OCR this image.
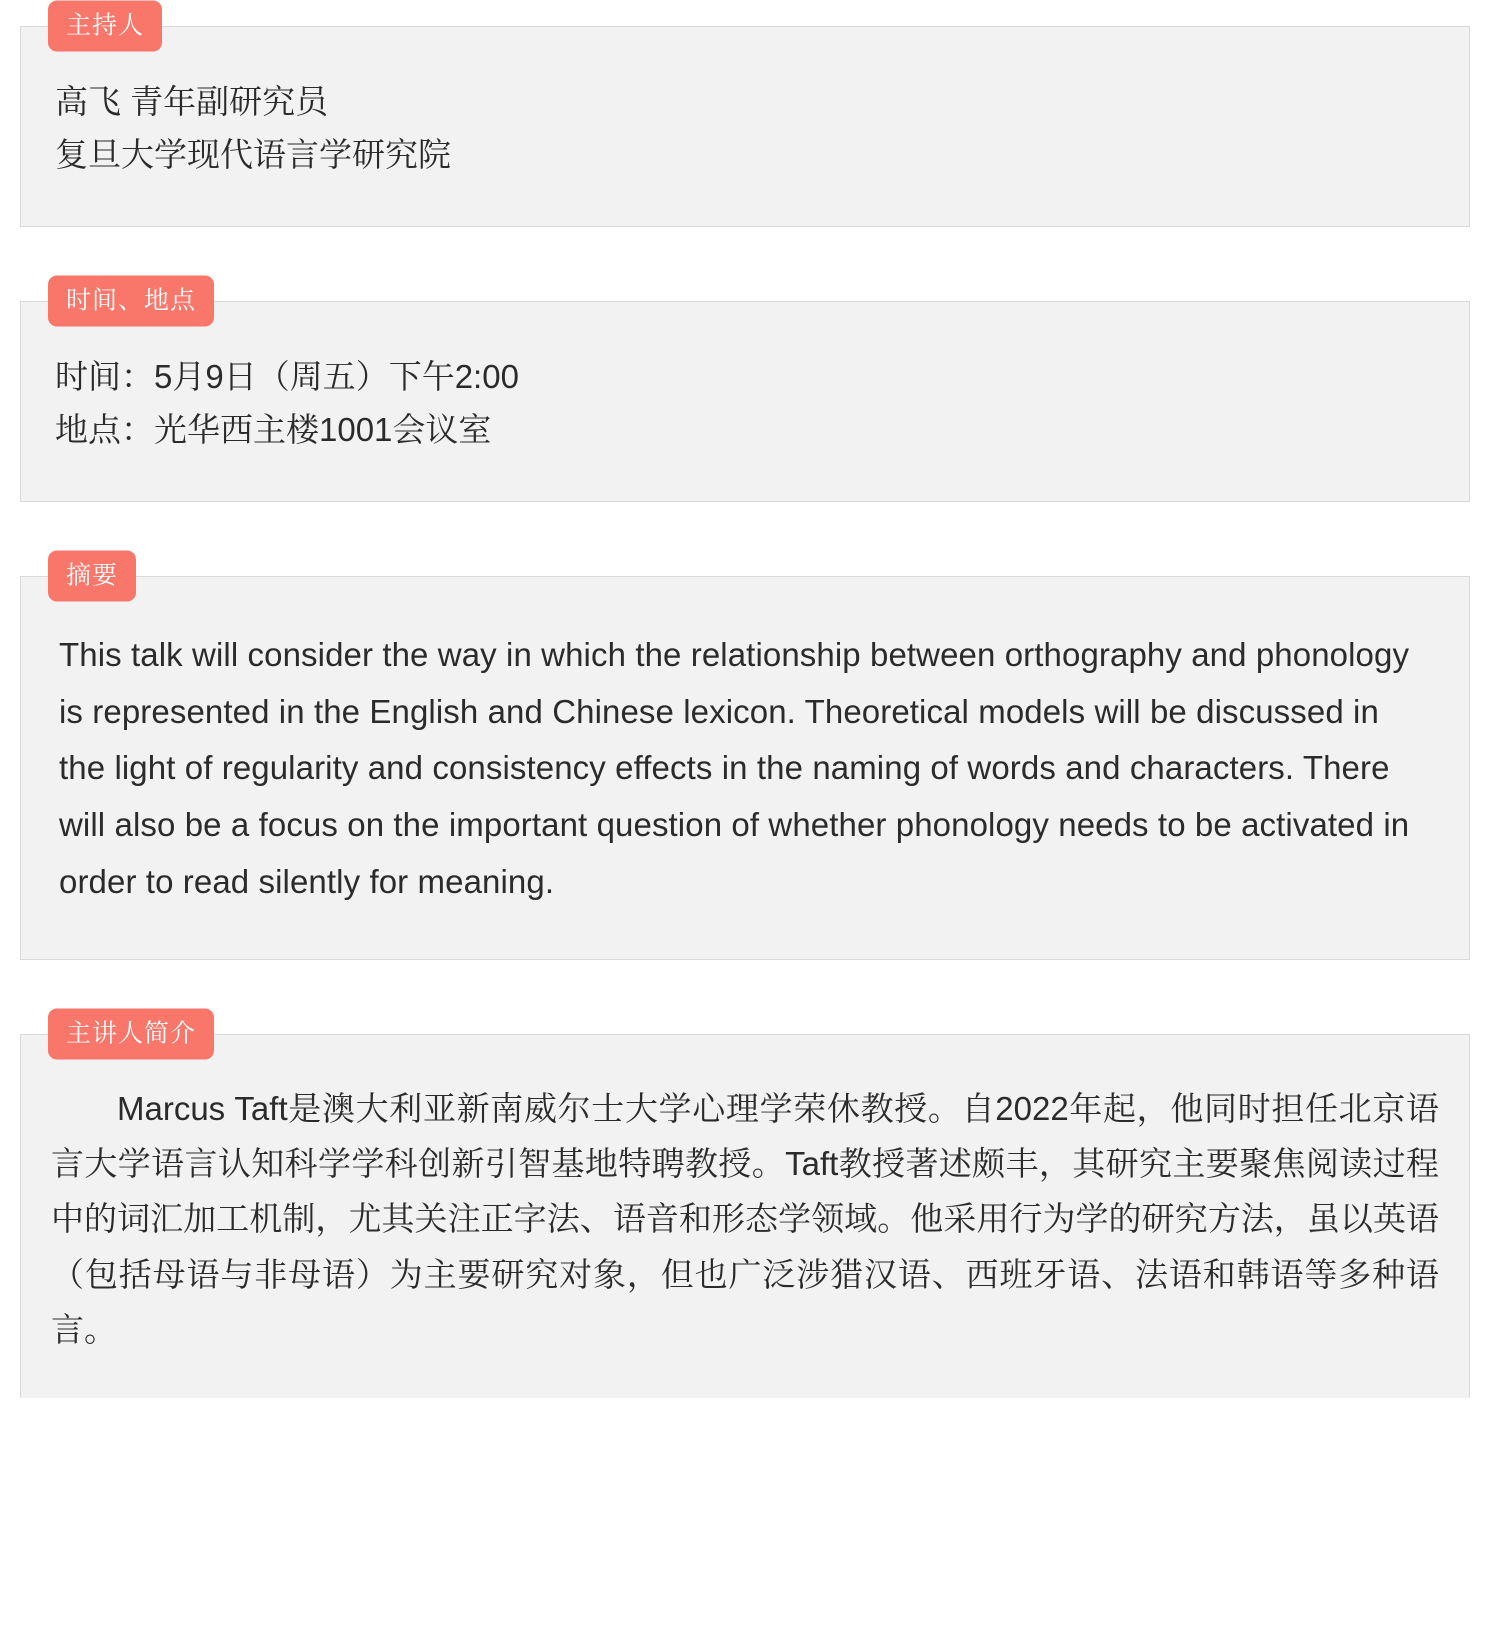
主持人
高飞 青年副研究员
复旦大学现代语言学研究院
时间、地点
时间：5月9日（周五）下午2:00
地点：光华西主楼1001会议室
摘要
This talk will consider the way in which the relationship between orthography and phonology is represented in the English and Chinese lexicon. Theoretical models will be discussed in the light of regularity and consistency effects in the naming of words and characters. There will also be a focus on the important question of whether phonology needs to be activated in order to read silently for meaning.
主讲人简介
Marcus Taft是澳大利亚新南威尔士大学心理学荣休教授。自2022年起，他同时担任北京语言大学语言认知科学学科创新引智基地特聘教授。Taft教授著述颇丰，其研究主要聚焦阅读过程中的词汇加工机制，尤其关注正字法、语音和形态学领域。他采用行为学的研究方法，虽以英语（包括母语与非母语）为主要研究对象，但也广泛涉猎汉语、西班牙语、法语和韩语等多种语言。
